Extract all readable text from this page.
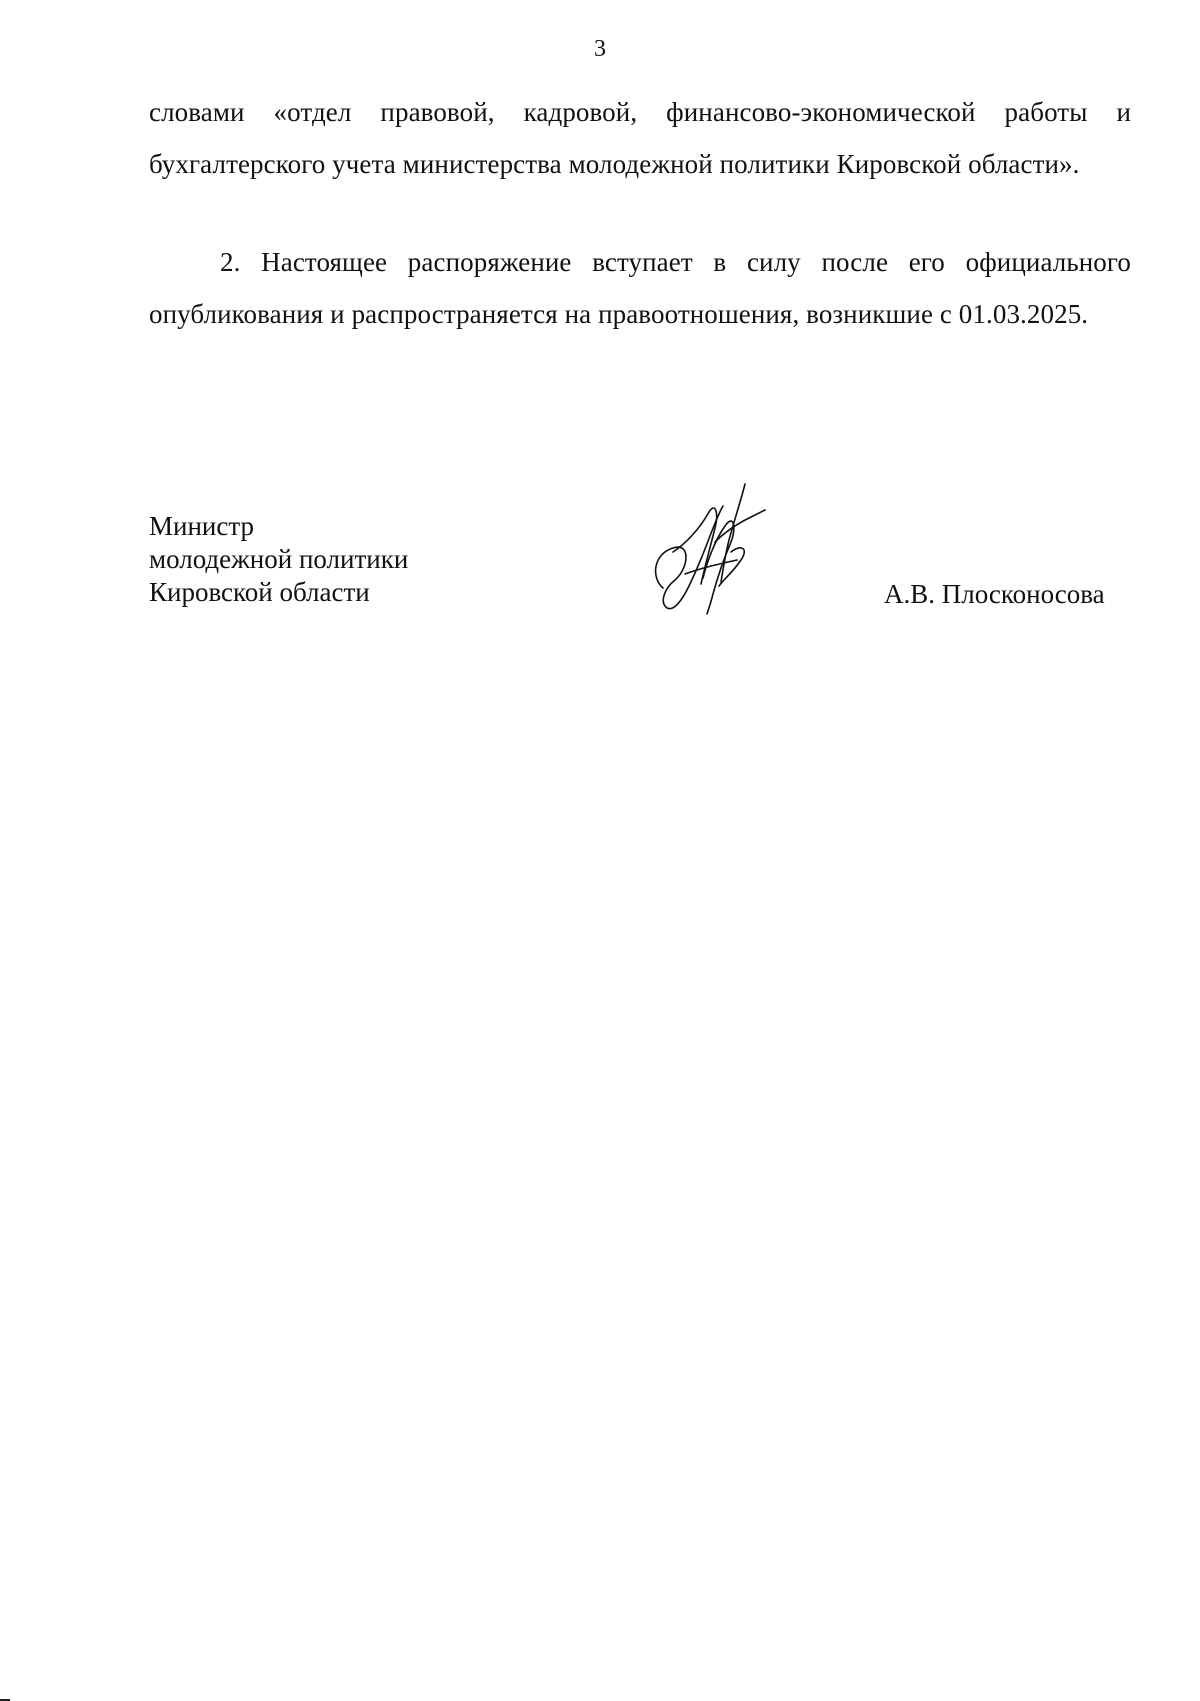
3

словами «отдел правовой, кадровой, финансово-экономической работы и бухгалтерского учета министерства молодежной политики Кировской области».

2. Настоящее распоряжение вступает в силу после его официального опубликования и распространяется на правоотношения, возникшие с 01.03.2025.

Министр
молодежной политики
Кировской области	А.В. Плосконосова
